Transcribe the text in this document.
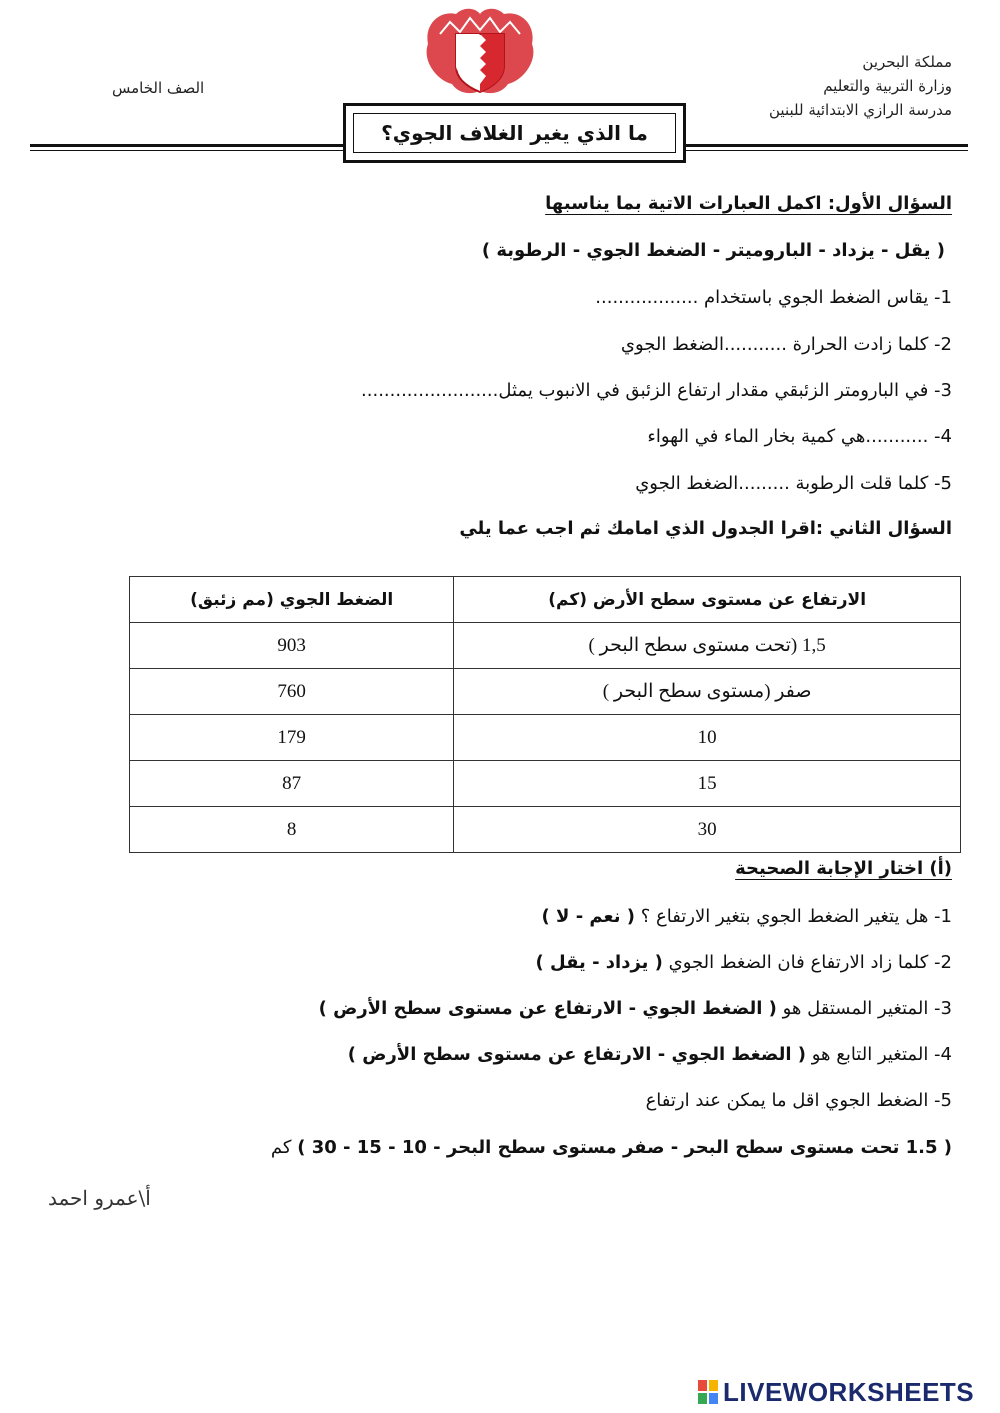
مملكة البحرين
وزارة التربية والتعليم
مدرسة الرازي الابتدائية للبنين
الصف الخامس
ما الذي يغير الغلاف الجوي؟
السؤال الأول: اكمل العبارات الاتية بما يناسبها
( يقل - يزداد - الباروميتر - الضغط الجوي - الرطوبة )
1- يقاس الضغط الجوي باستخدام ..................
2- كلما زادت الحرارة ...........الضغط الجوي
3- في البارومتر الزئبقي مقدار ارتفاع الزئبق في الانبوب يمثل........................
4- ...........هي كمية بخار الماء في الهواء
5- كلما قلت الرطوبة .........الضغط الجوي
السؤال الثاني :اقرا الجدول الذي امامك ثم اجب عما يلي
الضغط الجوي (مم زئبق)	الارتفاع عن مستوى سطح الأرض (كم)
903	1,5 (تحت مستوى سطح البحر )
760	صفر (مستوى سطح البحر )
179	10
87	15
8	30
(أ) اختار الإجابة الصحيحة
1- هل يتغير الضغط الجوي بتغير الارتفاع ؟ ( نعم - لا )
2- كلما زاد الارتفاع فان الضغط الجوي ( يزداد - يقل )
3- المتغير المستقل هو ( الضغط الجوي - الارتفاع عن مستوى سطح الأرض )
4- المتغير التابع هو ( الضغط الجوي - الارتفاع عن مستوى سطح الأرض )
5- الضغط الجوي اقل ما يمكن عند ارتفاع
( 1.5 تحت مستوى سطح البحر - صفر مستوى سطح البحر - 10 - 15 - 30 ) كم
أ\عمرو احمد
LIVEWORKSHEETS
